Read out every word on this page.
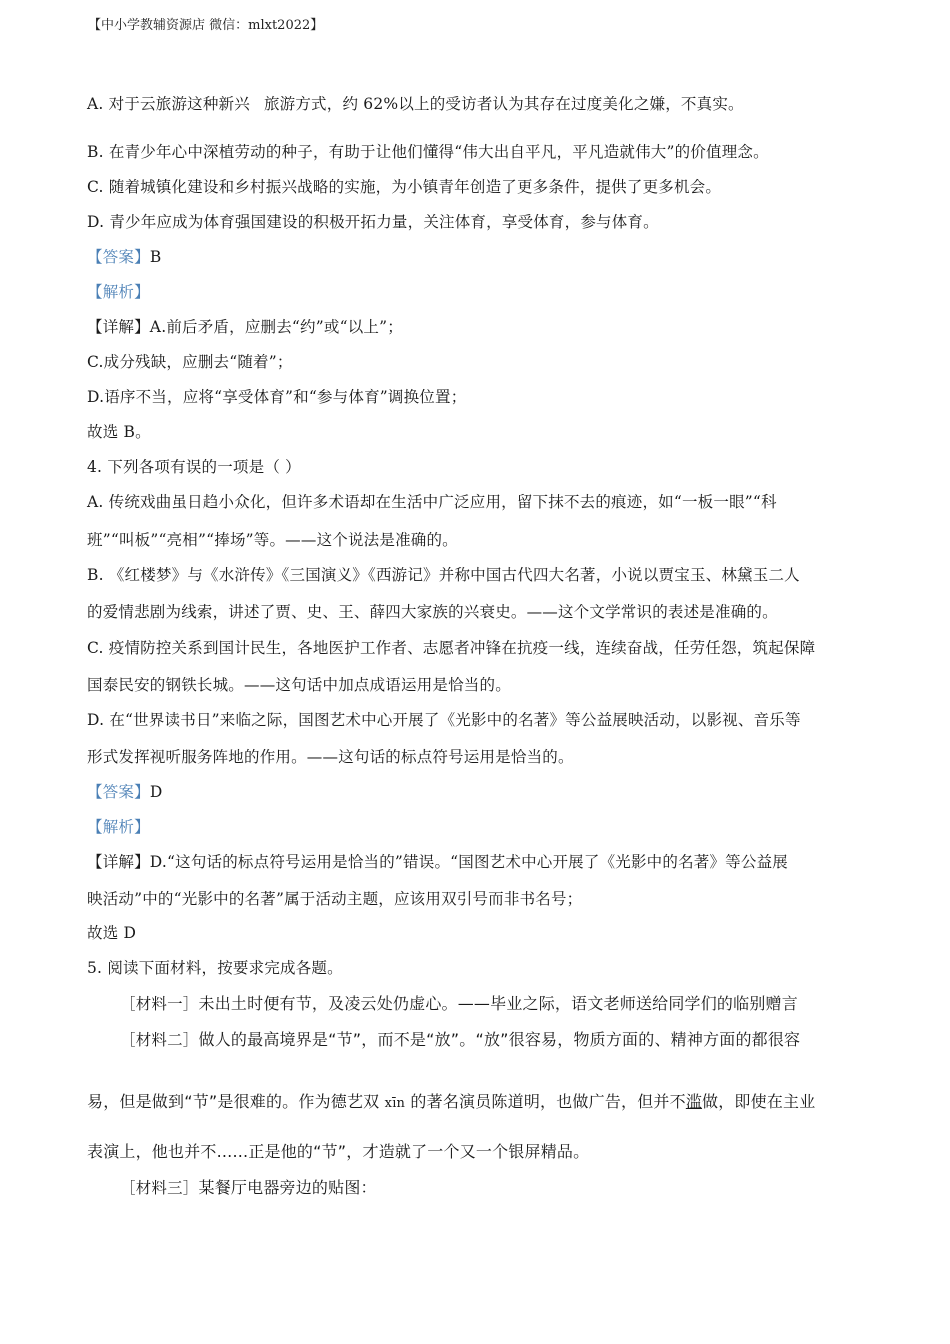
【中小学教辅资源店 微信：mlxt2022】
A. 对于云旅游这种新兴 旅游方式，约 62%以上的受访者认为其存在过度美化之嫌，不真实。
B. 在青少年心中深植劳动的种子，有助于让他们懂得“伟大出自平凡，平凡造就伟大”的价值理念。
C. 随着城镇化建设和乡村振兴战略的实施，为小镇青年创造了更多条件，提供了更多机会。
D. 青少年应成为体育强国建设的积极开拓力量，关注体育，享受体育，参与体育。
【答案】B
【解析】
【详解】A.前后矛盾，应删去“约”或“以上”；
C.成分残缺，应删去“随着”；
D.语序不当，应将“享受体育”和“参与体育”调换位置；
故选 B。
4. 下列各项有误的一项是（ ）
A. 传统戏曲虽日趋小众化，但许多术语却在生活中广泛应用，留下抹不去的痕迹，如“一板一眼”“科
班”“叫板”“亮相”“捧场”等。——这个说法是准确的。
B. 《红楼梦》与《水浒传》《三国演义》《西游记》并称中国古代四大名著，小说以贾宝玉、林黛玉二人
的爱情悲剧为线索，讲述了贾、史、王、薛四大家族的兴衰史。——这个文学常识的表述是准确的。
C. 疫情防控关系到国计民生，各地医护工作者、志愿者冲锋在抗疫一线，连续奋战，任劳任怨，筑起保障
国泰民安的钢铁长城。——这句话中加点成语运用是恰当的。
D. 在“世界读书日”来临之际，国图艺术中心开展了《光影中的名著》等公益展映活动，以影视、音乐等
形式发挥视听服务阵地的作用。——这句话的标点符号运用是恰当的。
【答案】D
【解析】
【详解】D.“这句话的标点符号运用是恰当的”错误。“国图艺术中心开展了《光影中的名著》等公益展
映活动”中的“光影中的名著”属于活动主题，应该用双引号而非书名号；
故选 D
5. 阅读下面材料，按要求完成各题。
［材料一］未出土时便有节，及凌云处仍虚心。——毕业之际，语文老师送给同学们的临别赠言
［材料二］做人的最高境界是“节”，而不是“放”。“放”很容易，物质方面的、精神方面的都很容
易，但是做到“节”是很难的。作为德艺双 xīn 的著名演员陈道明，也做广告，但并不滥做，即使在主业
表演上，他也并不......正是他的“节”，才造就了一个又一个银屏精品。
［材料三］某餐厅电器旁边的贴图：
